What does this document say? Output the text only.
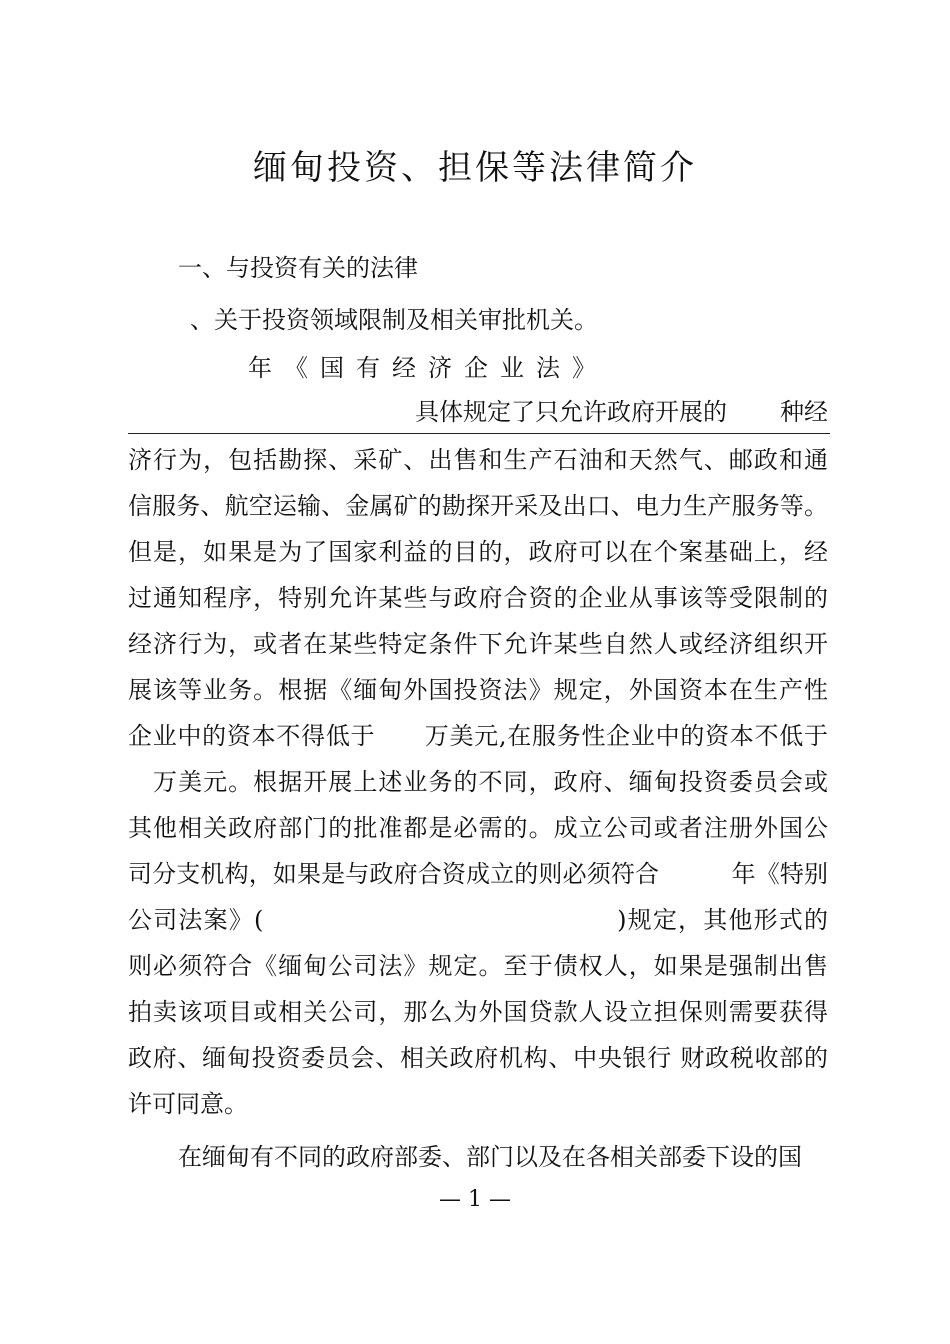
缅甸投资、担保等法律简介
一、与投资有关的法律
、关于投资领域限制及相关审批机关。
年《国有经济企业法》
具体规定了只允许政府开展的 种经
济行为，包括勘探、采矿、出售和生产石油和天然气、邮政和通
信服务、航空运输、金属矿的勘探开采及出口、电力生产服务等。
但是，如果是为了国家利益的目的，政府可以在个案基础上，经
过通知程序，特别允许某些与政府合资的企业从事该等受限制的
经济行为，或者在某些特定条件下允许某些自然人或经济组织开
展该等业务。根据《缅甸外国投资法》规定，外国资本在生产性
企业中的资本不得低于　　万美元,在服务性企业中的资本不低于
　万美元。根据开展上述业务的不同，政府、缅甸投资委员会或
其他相关政府部门的批准都是必需的。成立公司或者注册外国公
司分支机构，如果是与政府合资成立的则必须符合　　　年《特别
公司法案》(　　　　　　　　　　　　　　)规定，其他形式的
则必须符合《缅甸公司法》规定。至于债权人，如果是强制出售
拍卖该项目或相关公司，那么为外国贷款人设立担保则需要获得
政府、缅甸投资委员会、相关政府机构、中央银行 财政税收部的
许可同意。
在缅甸有不同的政府部委、部门以及在各相关部委下设的国
— 1 —
